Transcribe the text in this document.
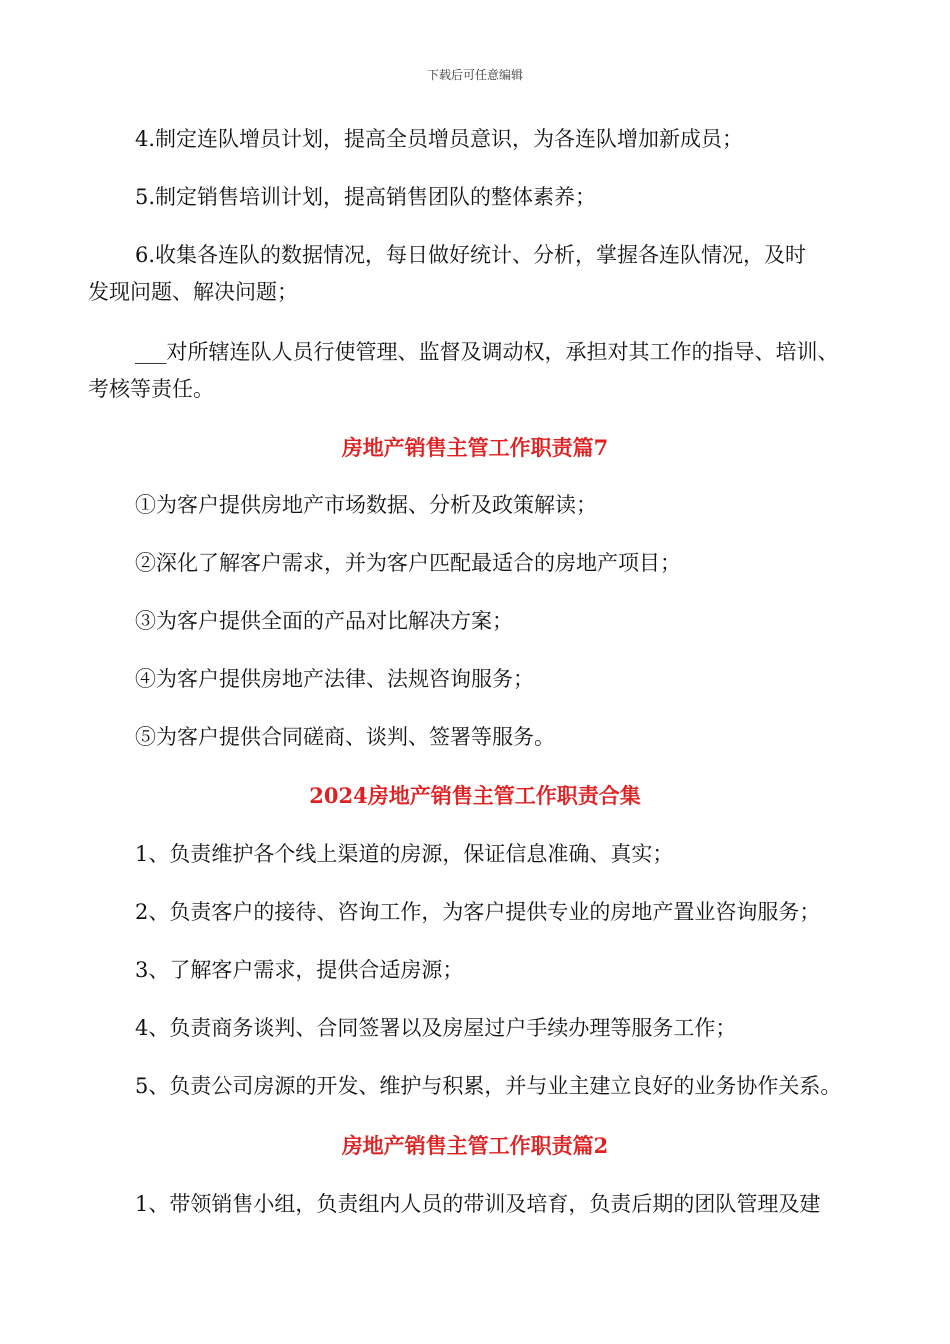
下载后可任意编辑
4.制定连队增员计划，提高全员增员意识，为各连队增加新成员；
5.制定销售培训计划，提高销售团队的整体素养；
6.收集各连队的数据情况，每日做好统计、分析，掌握各连队情况，及时
发现问题、解决问题；
___对所辖连队人员行使管理、监督及调动权，承担对其工作的指导、培训、
考核等责任。
房地产销售主管工作职责篇7
①为客户提供房地产市场数据、分析及政策解读；
②深化了解客户需求，并为客户匹配最适合的房地产项目；
③为客户提供全面的产品对比解决方案；
④为客户提供房地产法律、法规咨询服务；
⑤为客户提供合同磋商、谈判、签署等服务。
2024房地产销售主管工作职责合集
1、负责维护各个线上渠道的房源，保证信息准确、真实；
2、负责客户的接待、咨询工作，为客户提供专业的房地产置业咨询服务；
3、了解客户需求，提供合适房源；
4、负责商务谈判、合同签署以及房屋过户手续办理等服务工作；
5、负责公司房源的开发、维护与积累，并与业主建立良好的业务协作关系。
房地产销售主管工作职责篇2
1、带领销售小组，负责组内人员的带训及培育，负责后期的团队管理及建
